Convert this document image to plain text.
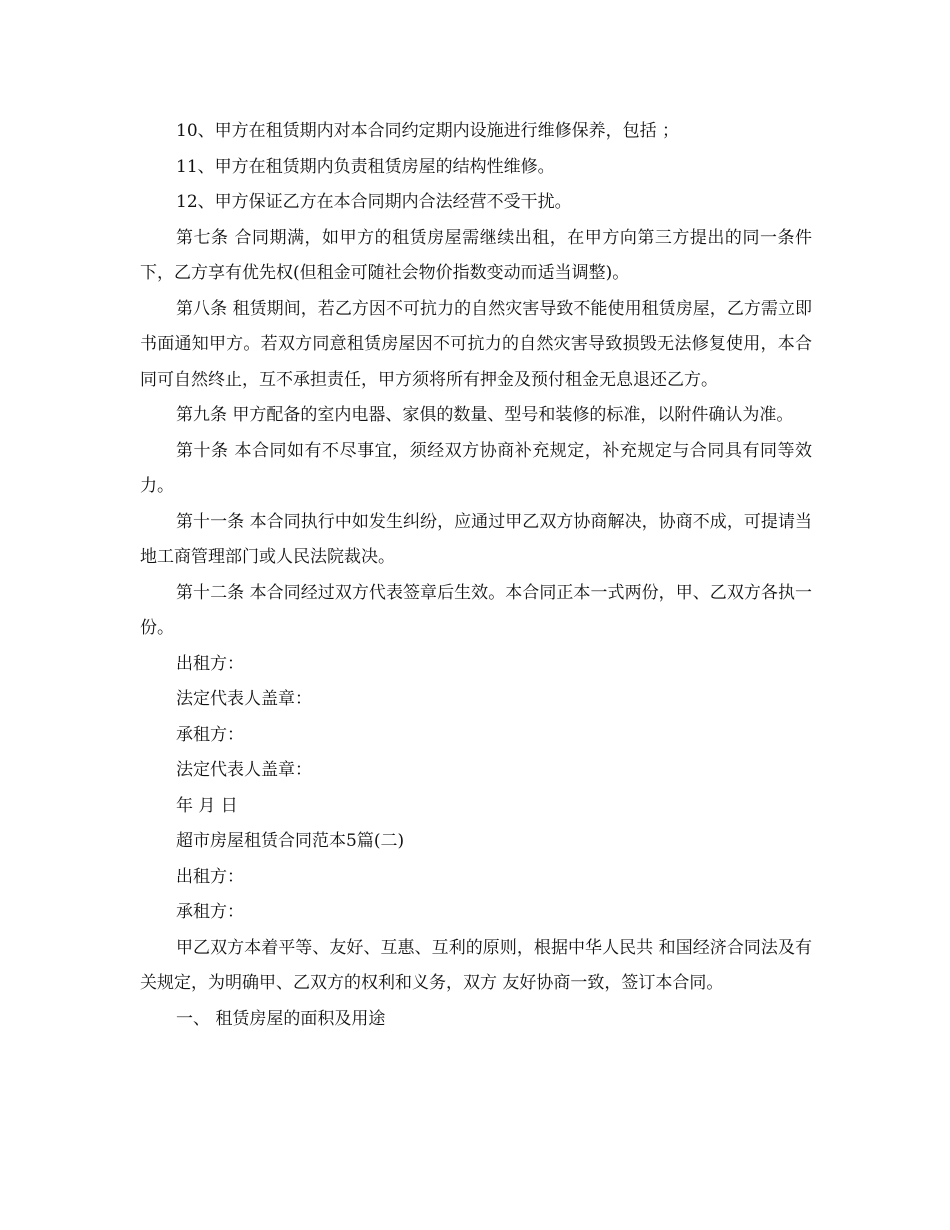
10、甲方在租赁期内对本合同约定期内设施进行维修保养，包括 ；

11、甲方在租赁期内负责租赁房屋的结构性维修。

12、甲方保证乙方在本合同期内合法经营不受干扰。

第七条 合同期满，如甲方的租赁房屋需继续出租，在甲方向第三方提出的同一条件下，乙方享有优先权(但租金可随社会物价指数变动而适当调整)。

第八条 租赁期间，若乙方因不可抗力的自然灾害导致不能使用租赁房屋，乙方需立即书面通知甲方。若双方同意租赁房屋因不可抗力的自然灾害导致损毁无法修复使用，本合同可自然终止，互不承担责任，甲方须将所有押金及预付租金无息退还乙方。

第九条 甲方配备的室内电器、家俱的数量、型号和装修的标准，以附件确认为准。

第十条 本合同如有不尽事宜，须经双方协商补充规定，补充规定与合同具有同等效力。

第十一条 本合同执行中如发生纠纷，应通过甲乙双方协商解决，协商不成，可提请当地工商管理部门或人民法院裁决。

第十二条 本合同经过双方代表签章后生效。本合同正本一式两份，甲、乙双方各执一份。

出租方：

法定代表人盖章：

承租方：

法定代表人盖章：

年 月 日

超市房屋租赁合同范本5篇(二)

出租方：

承租方：

甲乙双方本着平等、友好、互惠、互利的原则，根据中华人民共 和国经济合同法及有关规定，为明确甲、乙双方的权利和义务，双方 友好协商一致，签订本合同。

一、 租赁房屋的面积及用途
